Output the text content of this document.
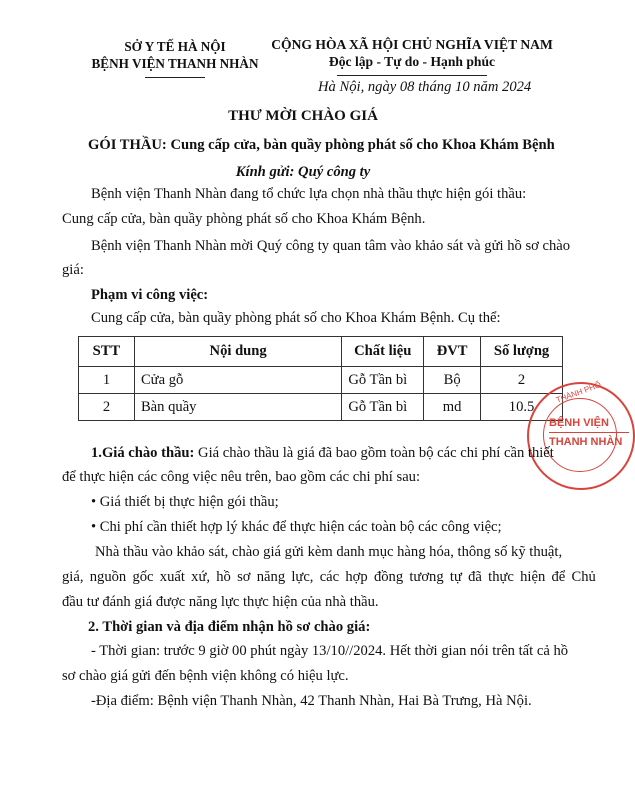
SỞ Y TẾ HÀ NỘI
BỆNH VIỆN THANH NHÀN
CỘNG HÒA XÃ HỘI CHỦ NGHĨA VIỆT NAM
Độc lập - Tự do - Hạnh phúc
Hà Nội, ngày 08 tháng 10 năm 2024
THƯ MỜI CHÀO GIÁ
GÓI THẦU: Cung cấp cửa, bàn quầy phòng phát số cho Khoa Khám Bệnh
Kính gửi: Quý công ty
Bệnh viện Thanh Nhàn đang tổ chức lựa chọn nhà thầu thực hiện gói thầu:
Cung cấp cửa, bàn quầy phòng phát số cho Khoa Khám Bệnh.
Bệnh viện Thanh Nhàn mời Quý công ty quan tâm vào khảo sát và gửi hồ sơ chào
giá:
Phạm vi công việc:
Cung cấp cửa, bàn quầy phòng phát số cho Khoa Khám Bệnh. Cụ thể:
STT	Nội dung	Chất liệu	ĐVT	Số lượng
1	Cửa gỗ	Gỗ Tần bì	Bộ	2
2	Bàn quầy	Gỗ Tần bì	md	10.5
THÀNH PHỐ
BỆNH VIỆN
THANH NHÀN
1.Giá chào thầu: Giá chào thầu là giá đã bao gồm toàn bộ các chi phí cần thiết
để thực hiện các công việc nêu trên, bao gồm các chi phí sau:
• Giá thiết bị thực hiện gói thầu;
• Chi phí cần thiết hợp lý khác để thực hiện các toàn bộ các công việc;
Nhà thầu vào khảo sát, chào giá gửi kèm danh mục hàng hóa, thông số kỹ thuật,
giá, nguồn gốc xuất xứ, hồ sơ năng lực, các hợp đồng tương tự đã thực hiện để Chủ
đầu tư đánh giá được năng lực thực hiện của nhà thầu.
2. Thời gian và địa điểm nhận hồ sơ chào giá:
- Thời gian: trước 9 giờ 00 phút ngày 13/10//2024. Hết thời gian nói trên tất cả hồ
sơ chào giá gửi đến bệnh viện không có hiệu lực.
-Địa điểm: Bệnh viện Thanh Nhàn, 42 Thanh Nhàn, Hai Bà Trưng, Hà Nội.
